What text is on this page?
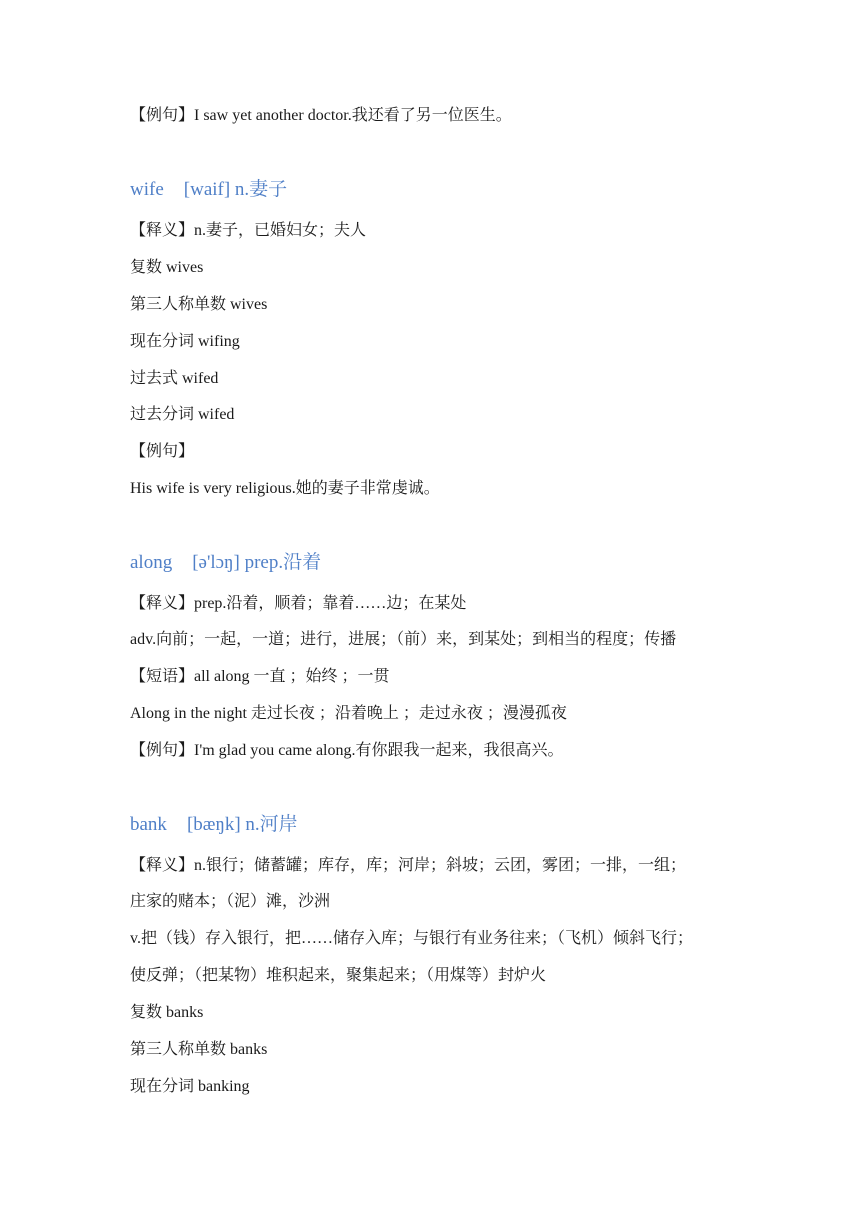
【例句】I saw yet another doctor.我还看了另一位医生。
wife [waif] n.妻子
【释义】n.妻子，已婚妇女；夫人
复数 wives
第三人称单数 wives
现在分词 wifing
过去式 wifed
过去分词 wifed
【例句】
His wife is very religious.她的妻子非常虔诚。
along [ə'lɔŋ] prep.沿着
【释义】prep.沿着，顺着；靠着……边；在某处
adv.向前；一起，一道；进行，进展；（前）来，到某处；到相当的程度；传播
【短语】all along 一直 ；始终 ；一贯
Along in the night 走过长夜 ；沿着晚上 ；走过永夜 ；漫漫孤夜
【例句】I'm glad you came along.有你跟我一起来，我很高兴。
bank [bæŋk] n.河岸
【释义】n.银行；储蓄罐；库存，库；河岸；斜坡；云团，雾团；一排，一组；
庄家的赌本；（泥）滩，沙洲
v.把（钱）存入银行，把……储存入库；与银行有业务往来；（飞机）倾斜飞行；
使反弹；（把某物）堆积起来，聚集起来；（用煤等）封炉火
复数 banks
第三人称单数 banks
现在分词 banking
